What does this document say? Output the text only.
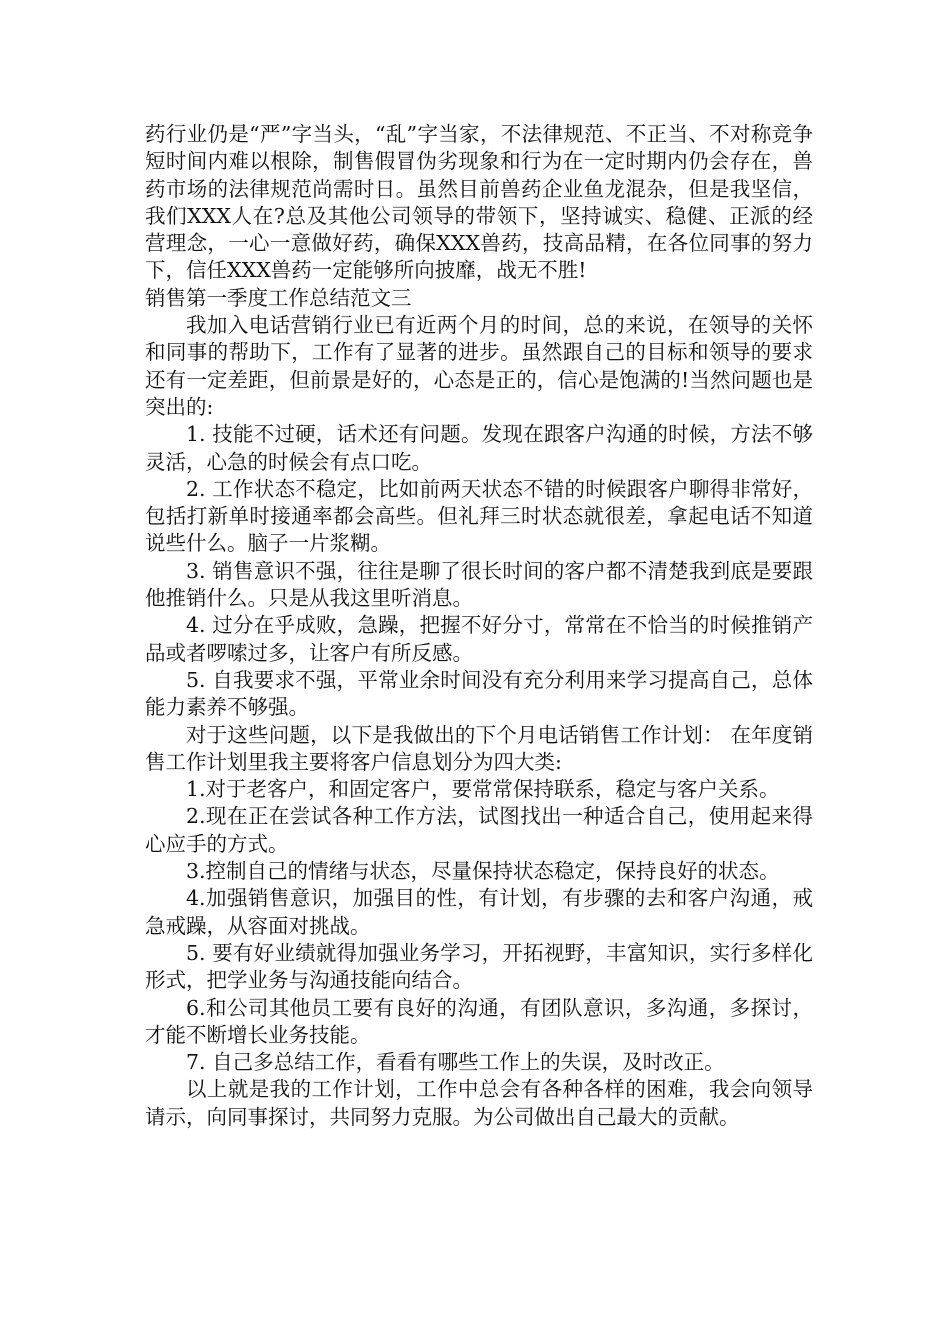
药行业仍是“严”字当头，“乱”字当家，不法律规范、不正当、不对称竞争短时间内难以根除，制售假冒伪劣现象和行为在一定时期内仍会存在，兽药市场的法律规范尚需时日。虽然目前兽药企业鱼龙混杂，但是我坚信，我们XXX人在?总及其他公司领导的带领下，坚持诚实、稳健、正派的经营理念，一心一意做好药，确保XXX兽药，技高品精，在各位同事的努力下，信任XXX兽药一定能够所向披靡，战无不胜!

销售第一季度工作总结范文三

我加入电话营销行业已有近两个月的时间，总的来说，在领导的关怀和同事的帮助下，工作有了显著的进步。虽然跟自己的目标和领导的要求还有一定差距，但前景是好的，心态是正的，信心是饱满的!当然问题也是突出的:

1. 技能不过硬，话术还有问题。发现在跟客户沟通的时候，方法不够灵活，心急的时候会有点口吃。

2. 工作状态不稳定，比如前两天状态不错的时候跟客户聊得非常好，包括打新单时接通率都会高些。但礼拜三时状态就很差，拿起电话不知道说些什么。脑子一片浆糊。

3. 销售意识不强，往往是聊了很长时间的客户都不清楚我到底是要跟他推销什么。只是从我这里听消息。

4. 过分在乎成败，急躁，把握不好分寸，常常在不恰当的时候推销产品或者啰嗦过多，让客户有所反感。

5. 自我要求不强，平常业余时间没有充分利用来学习提高自己，总体能力素养不够强。

对于这些问题，以下是我做出的下个月电话销售工作计划： 在年度销售工作计划里我主要将客户信息划分为四大类:

1.对于老客户，和固定客户，要常常保持联系，稳定与客户关系。

2.现在正在尝试各种工作方法，试图找出一种适合自己，使用起来得心应手的方式。

3.控制自己的情绪与状态，尽量保持状态稳定，保持良好的状态。

4.加强销售意识，加强目的性，有计划，有步骤的去和客户沟通，戒急戒躁，从容面对挑战。

5. 要有好业绩就得加强业务学习，开拓视野，丰富知识，实行多样化形式，把学业务与沟通技能向结合。

6.和公司其他员工要有良好的沟通，有团队意识，多沟通，多探讨，才能不断增长业务技能。

7. 自己多总结工作，看看有哪些工作上的失误，及时改正。

以上就是我的工作计划，工作中总会有各种各样的困难，我会向领导请示，向同事探讨，共同努力克服。为公司做出自己最大的贡献。
